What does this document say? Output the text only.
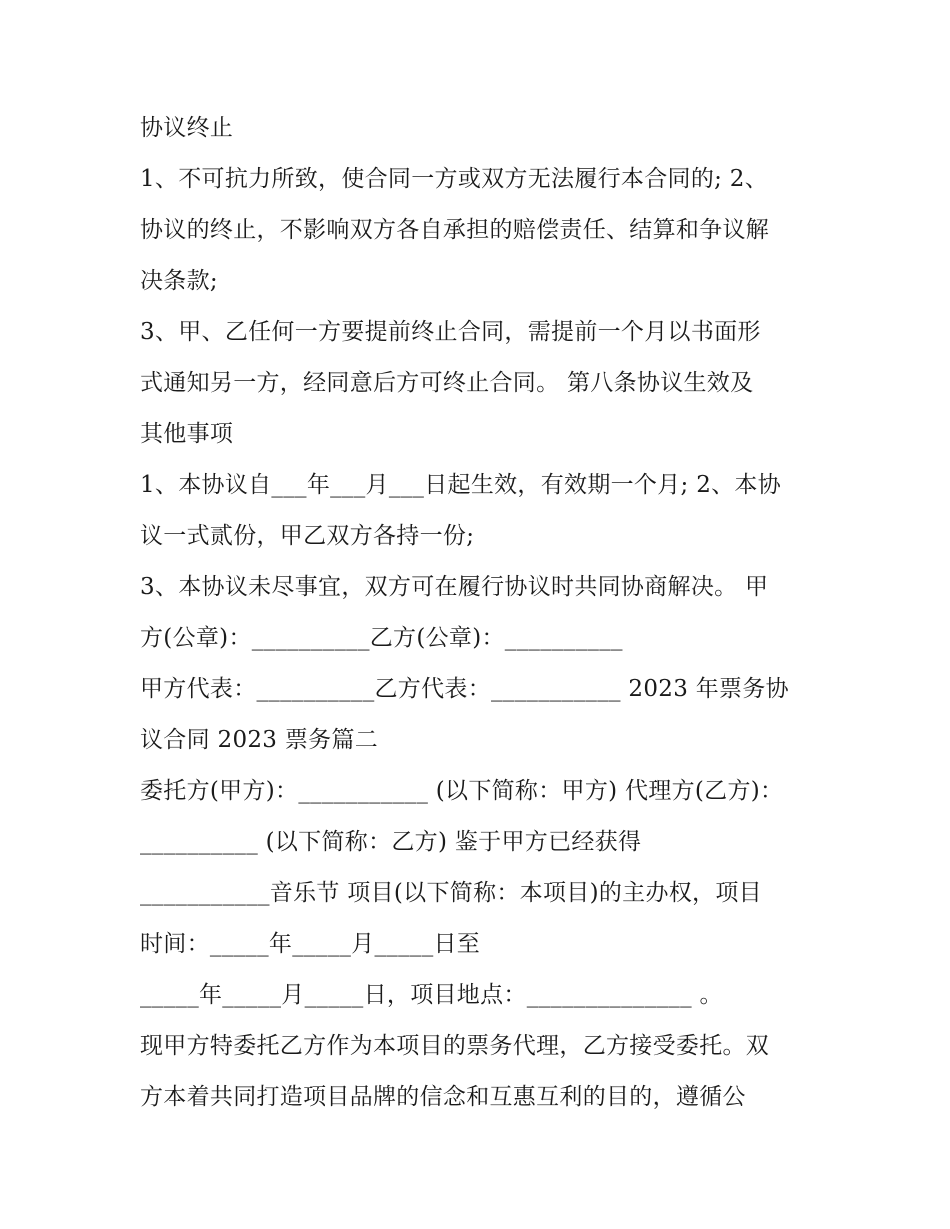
协议终止

1、不可抗力所致，使合同一方或双方无法履行本合同的; 2、

协议的终止，不影响双方各自承担的赔偿责任、结算和争议解

决条款;

3、甲、乙任何一方要提前终止合同，需提前一个月以书面形

式通知另一方，经同意后方可终止合同。 第八条协议生效及

其他事项

1、本协议自___年___月___日起生效，有效期一个月; 2、本协

议一式贰份，甲乙双方各持一份;

3、本协议未尽事宜，双方可在履行协议时共同协商解决。 甲

方(公章)：__________乙方(公章)：__________

甲方代表：__________乙方代表：___________ 2023 年票务协

议合同 2023 票务篇二

委托方(甲方)：___________ (以下简称：甲方) 代理方(乙方)：

__________ (以下简称：乙方) 鉴于甲方已经获得

___________音乐节 项目(以下简称：本项目)的主办权，项目

时间：_____年_____月_____日至

_____年_____月_____日，项目地点：______________ 。

现甲方特委托乙方作为本项目的票务代理，乙方接受委托。双

方本着共同打造项目品牌的信念和互惠互利的目的，遵循公
